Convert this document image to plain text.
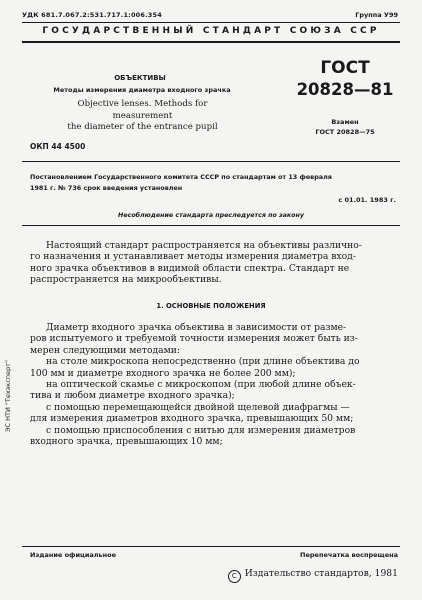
УДК 681.7.067.2:531.717.1:006.354	Группа У99
ГОСУДАРСТВЕННЫЙ СТАНДАРТ СОЮЗА ССР
ОБЪЕКТИВЫ
Методы измерения диаметра входного зрачка
Objective lenses. Methods for measurement
the diameter of the entrance pupil
ГОСТ
20828—81
Взамен
ГОСТ 20828—75
ОКП 44 4500
Постановлением Государственного комитета СССР по стандартам от 13 февраля
1981 г. № 736 срок введения установлен
с 01.01. 1983 г.
Несоблюдение стандарта преследуется по закону
Настоящий стандарт распространяется на объективы различно-
го назначения и устанавливает методы измерения диаметра вход-
ного зрачка объективов в видимой области спектра. Стандарт не
распространяется на микрообъективы.
1. ОСНОВНЫЕ ПОЛОЖЕНИЯ
Диаметр входного зрачка объектива в зависимости от разме-
ров испытуемого и требуемой точности измерения может быть из-
мерен следующими методами:
на столе микроскопа непосредственно (при длине объектива до
100 мм и диаметре входного зрачка не более 200 мм);
на оптической скамье с микроскопом (при любой длине объек-
тива и любом диаметре входного зрачка);
с помощью перемещающейся двойной щелевой диафрагмы —
для измерения диаметров входного зрачка, превышающих 50 мм;
с помощью приспособления с нитью для измерения диаметров
входного зрачка, превышающих 10 мм;
ЭС НТИ "Техэксперт"
Издание официальное	Перепечатка воспрещена
С Издательство стандартов, 1981
